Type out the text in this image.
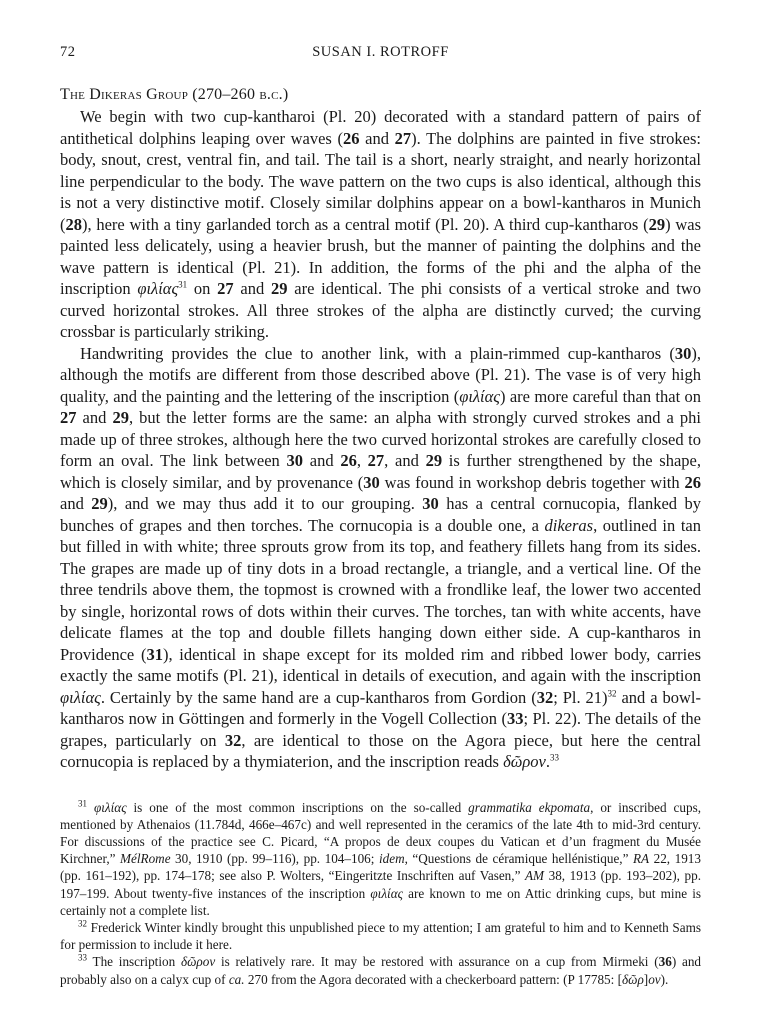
72	SUSAN I. ROTROFF
The Dikeras Group (270–260 b.c.)

We begin with two cup-kantharoi (Pl. 20) decorated with a standard pattern of pairs of antithetical dolphins leaping over waves (26 and 27). The dolphins are painted in five strokes: body, snout, crest, ventral fin, and tail. The tail is a short, nearly straight, and nearly horizontal line perpendicular to the body. The wave pattern on the two cups is also identical, although this is not a very distinctive motif. Closely similar dolphins appear on a bowl-kantharos in Munich (28), here with a tiny garlanded torch as a central motif (Pl. 20). A third cup-kantharos (29) was painted less delicately, using a heavier brush, but the manner of painting the dolphins and the wave pattern is identical (Pl. 21). In addition, the forms of the phi and the alpha of the inscription φιλίας$^{31}$ on 27 and 29 are identical. The phi consists of a vertical stroke and two curved horizontal strokes. All three strokes of the alpha are distinctly curved; the curving crossbar is particularly striking.

Handwriting provides the clue to another link, with a plain-rimmed cup-kantharos (30), although the motifs are different from those described above (Pl. 21). The vase is of very high quality, and the painting and the lettering of the inscription (φιλίας) are more careful than that on 27 and 29, but the letter forms are the same: an alpha with strongly curved strokes and a phi made up of three strokes, although here the two curved horizontal strokes are carefully closed to form an oval. The link between 30 and 26, 27, and 29 is further strengthened by the shape, which is closely similar, and by provenance (30 was found in workshop debris together with 26 and 29), and we may thus add it to our grouping. 30 has a central cornucopia, flanked by bunches of grapes and then torches. The cornucopia is a double one, a dikeras, outlined in tan but filled in with white; three sprouts grow from its top, and feathery fillets hang from its sides. The grapes are made up of tiny dots in a broad rectangle, a triangle, and a vertical line. Of the three tendrils above them, the topmost is crowned with a frondlike leaf, the lower two accented by single, horizontal rows of dots within their curves. The torches, tan with white accents, have delicate flames at the top and double fillets hanging down either side. A cup-kantharos in Providence (31), identical in shape except for its molded rim and ribbed lower body, carries exactly the same motifs (Pl. 21), identical in details of execution, and again with the inscription φιλίας. Certainly by the same hand are a cup-kantharos from Gordion (32; Pl. 21)$^{32}$ and a bowl-kantharos now in Göttingen and formerly in the Vogell Collection (33; Pl. 22). The details of the grapes, particularly on 32, are identical to those on the Agora piece, but here the central cornucopia is replaced by a thymiaterion, and the inscription reads δῶρον.$^{33}$

$^{31}$ φιλίας is one of the most common inscriptions on the so-called grammatika ekpomata, or inscribed cups, mentioned by Athenaios (11.784d, 466e–467c) and well represented in the ceramics of the late 4th to mid-3rd century. For discussions of the practice see C. Picard, “A propos de deux coupes du Vatican et d’un fragment du Musée Kirchner,” MélRome 30, 1910 (pp. 99–116), pp. 104–106; idem, “Questions de céramique hellénistique,” RA 22, 1913 (pp. 161–192), pp. 174–178; see also P. Wolters, “Eingeritzte Inschriften auf Vasen,” AM 38, 1913 (pp. 193–202), pp. 197–199. About twenty-five instances of the inscription φιλίας are known to me on Attic drinking cups, but mine is certainly not a complete list.

$^{32}$ Frederick Winter kindly brought this unpublished piece to my attention; I am grateful to him and to Kenneth Sams for permission to include it here.

$^{33}$ The inscription δῶρον is relatively rare. It may be restored with assurance on a cup from Mirmeki (36) and probably also on a calyx cup of ca. 270 from the Agora decorated with a checkerboard pattern: (P 17785: [δῶρ]ον).
